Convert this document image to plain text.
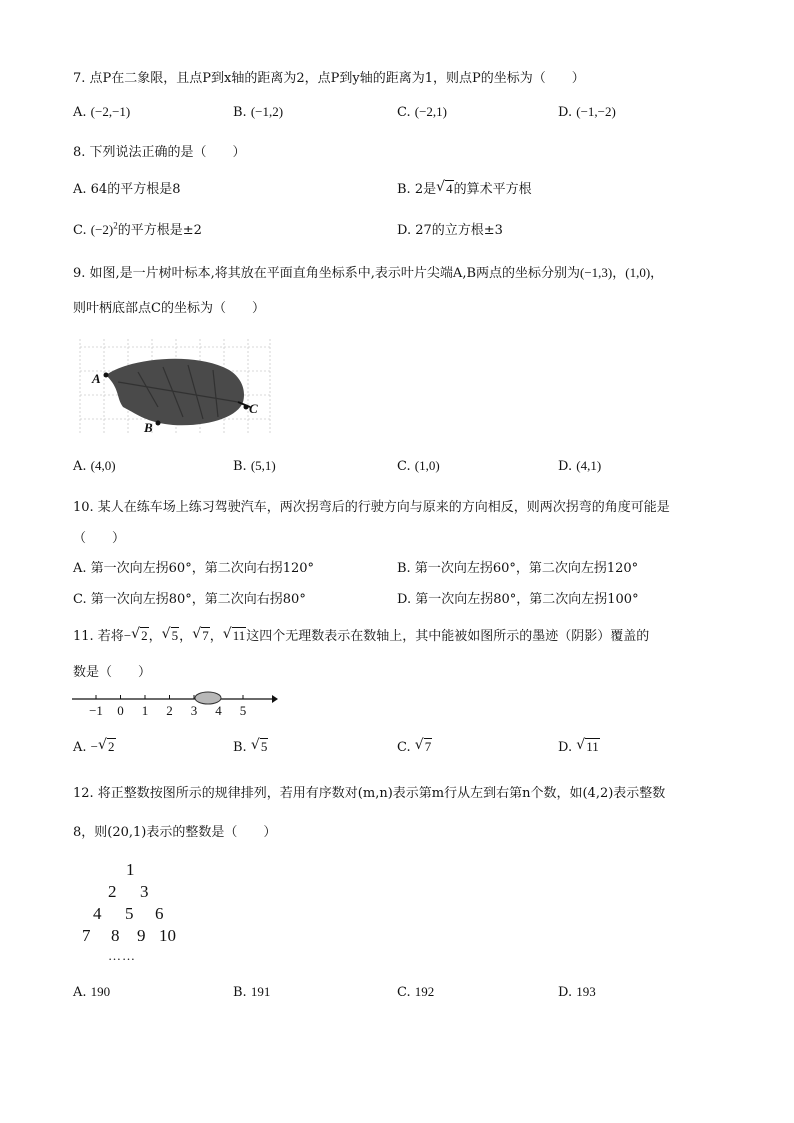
7. 点P在二象限，且点P到x轴的距离为2，点P到y轴的距离为1，则点P的坐标为（　　）
A. (−2,−1)	B. (−1,2)	C. (−2,1)	D. (−1,−2)
8. 下列说法正确的是（　　）
A. 64的平方根是8	B. 2是 √ 4的算术平方根
C. $(-2)^2$的平方根是±2	D. 27的立方根±3
9. 如图,是一片树叶标本,将其放在平面直角坐标系中,表示叶片尖端A,B两点的坐标分别为(−1,3)，(1,0)，
则叶柄底部点C的坐标为（　　）
A
B
C
A. (4,0)	B. (5,1)	C. (1,0)	D. (4,1)
10. 某人在练车场上练习驾驶汽车，两次拐弯后的行驶方向与原来的方向相反，则两次拐弯的角度可能是
（　　）
A. 第一次向左拐60°，第二次向右拐120°	B. 第一次向左拐60°，第二次向左拐120°
C. 第一次向左拐80°，第二次向右拐80°	D. 第一次向左拐80°，第二次向左拐100°
11. 若将− √ 2， √ 5， √ 7， √ 11这四个无理数表示在数轴上，其中能被如图所示的墨迹（阴影）覆盖的
数是（　　）
−1 0 1 2 3 4 5
A. − √ 2	B. √ 5	C. √ 7	D. √ 11
12. 将正整数按图所示的规律排列，若用有序数对(m,n)表示第m行从左到右第n个数，如(4,2)表示整数
8，则(20,1)表示的整数是（　　）
1
2 3
4 5 6
7 8 9 10
……
A. 190	B. 191	C. 192	D. 193
